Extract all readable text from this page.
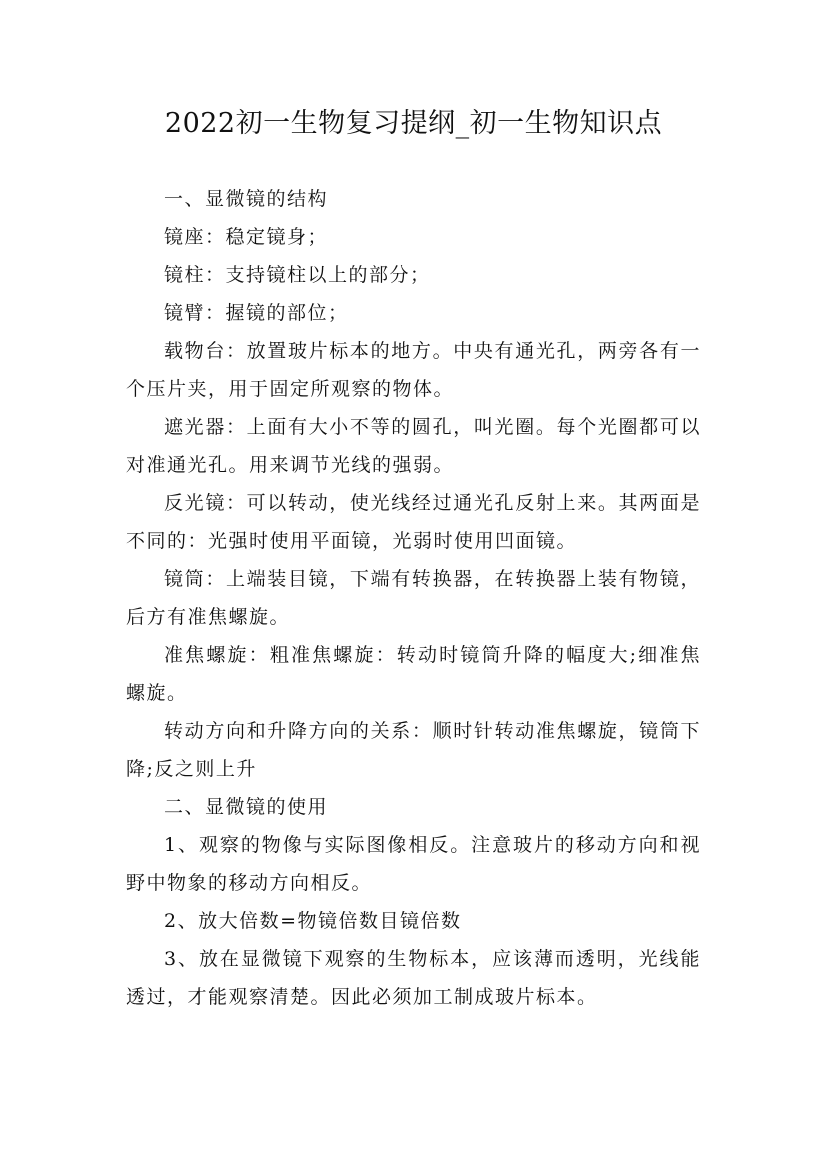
2022初一生物复习提纲_初一生物知识点

一、显微镜的结构

镜座：稳定镜身；

镜柱：支持镜柱以上的部分；

镜臂：握镜的部位；

载物台：放置玻片标本的地方。中央有通光孔，两旁各有一个压片夹，用于固定所观察的物体。

遮光器：上面有大小不等的圆孔，叫光圈。每个光圈都可以对准通光孔。用来调节光线的强弱。

反光镜：可以转动，使光线经过通光孔反射上来。其两面是不同的：光强时使用平面镜，光弱时使用凹面镜。

镜筒：上端装目镜，下端有转换器，在转换器上装有物镜，后方有准焦螺旋。

准焦螺旋：粗准焦螺旋：转动时镜筒升降的幅度大;细准焦螺旋。

转动方向和升降方向的关系：顺时针转动准焦螺旋，镜筒下降;反之则上升

二、显微镜的使用

1、观察的物像与实际图像相反。注意玻片的移动方向和视野中物象的移动方向相反。

2、放大倍数=物镜倍数目镜倍数

3、放在显微镜下观察的生物标本，应该薄而透明，光线能透过，才能观察清楚。因此必须加工制成玻片标本。
